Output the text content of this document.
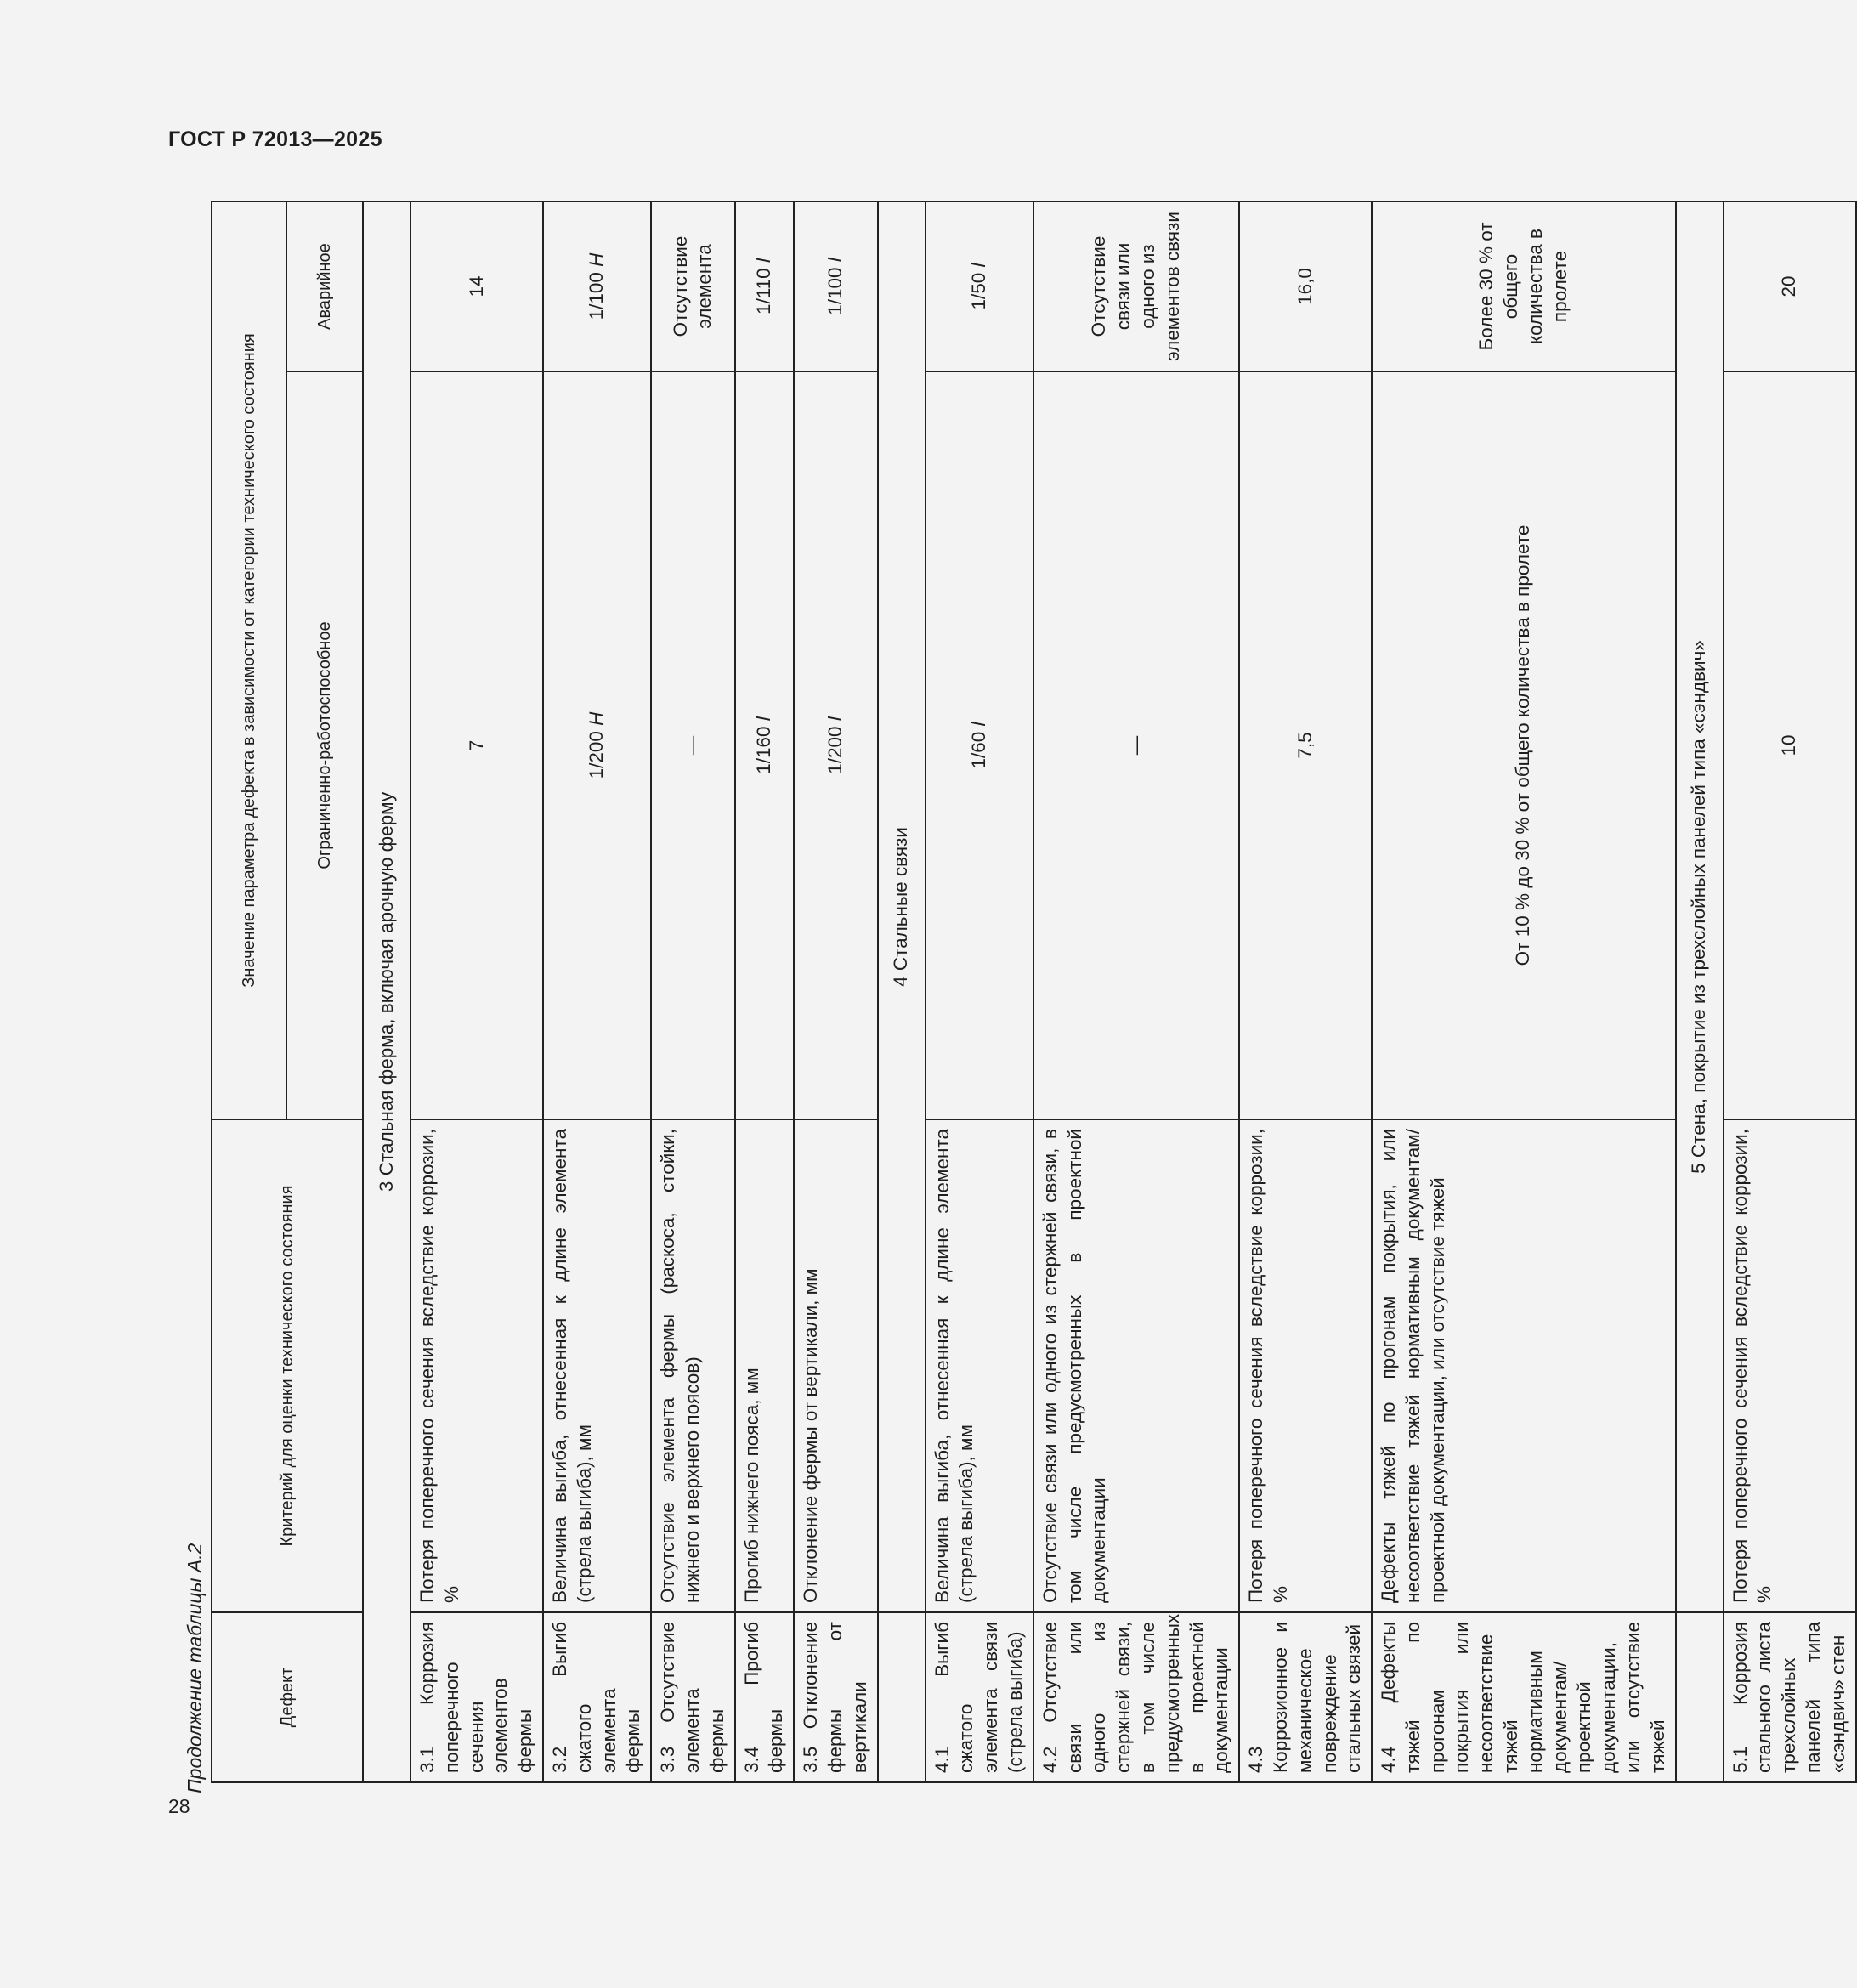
ГОСТ Р 72013—2025
28
Продолжение таблицы А.2	Дефект	Критерий для оценки технического состояния	Значение параметра дефекта в зависимости от категории технического состояния	
		Ограниченно-работоспособное	Аварийное
3 Стальная ферма, включая арочную ферму			
3.1 Коррозия поперечного сечения элементов фермы	Потеря поперечного сечения вследствие коррозии, %	7	14
3.2 Выгиб сжатого элемента фермы	Величина выгиба, отнесенная к длине элемента (стрела выгиба), мм	1/200 H	1/100 H
3.3 Отсутствие элемента фермы	Отсутствие элемента фермы (раскоса, стойки, нижнего и верхнего поясов)	—	Отсутствие элемента
3.4 Прогиб фермы	Прогиб нижнего пояса, мм	1/160 l	1/110 l
3.5 Отклонение фермы от вертикали	Отклонение фермы от вертикали, мм	1/200 l	1/100 l
	4 Стальные связи		
4.1 Выгиб сжатого элемента связи (стрела выгиба)	Величина выгиба, отнесенная к длине элемента (стрела выгиба), мм	1/60 l	1/50 l
4.2 Отсутствие связи или одного из стержней связи, в том числе предусмотренных в проектной документации	Отсутствие связи или одного из стержней связи, в том числе предусмотренных в проектной документации	—	Отсутствие связи или одного из элементов связи
4.3 Коррозионное и механическое повреждение стальных связей	Потеря поперечного сечения вследствие коррозии, %	7,5	16,0
4.4 Дефекты тяжей по прогонам покрытия или несоответствие тяжей нормативным документам/проектной документации, или отсутствие тяжей	Дефекты тяжей по прогонам покрытия, или несоответствие тяжей нормативным документам/проектной документации, или отсутствие тяжей	От 10 % до 30 % от общего количества в пролете	Более 30 % от общего количества в пролете
	5 Стена, покрытие из трехслойных панелей типа «сэндвич»		
5.1 Коррозия стального листа трехслойных панелей типа «сэндвич» стен	Потеря поперечного сечения вследствие коррозии, %	10	20
